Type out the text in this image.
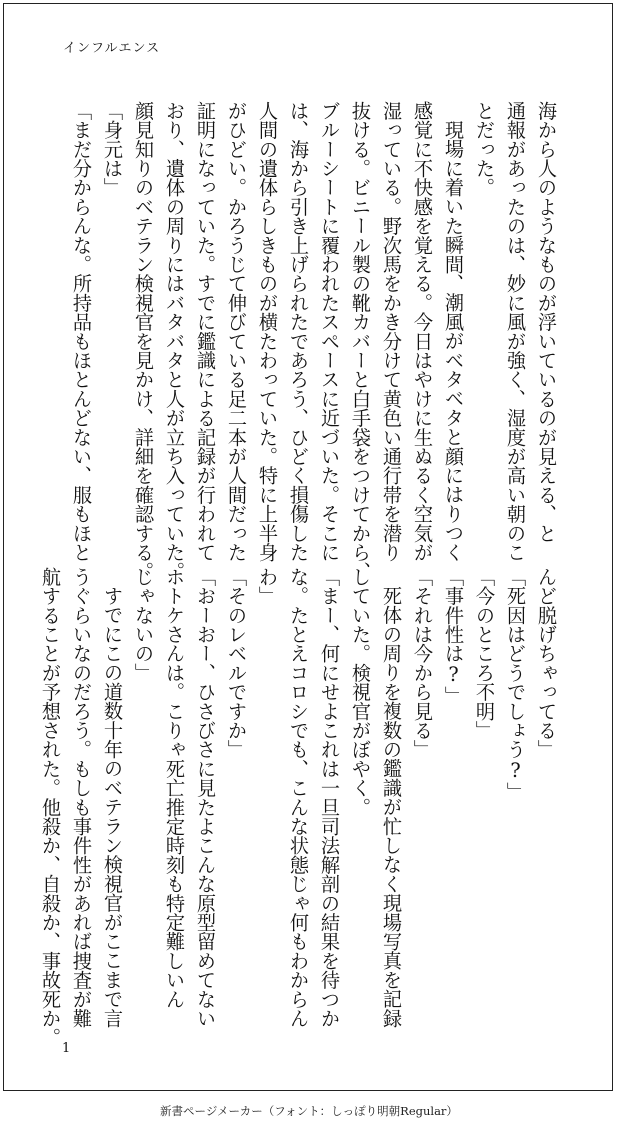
インフルエンス
海から人のようなものが浮いているのが見える、と
通報があったのは、妙に風が強く、湿度が高い朝のこ
とだった。
現場に着いた瞬間、潮風がベタベタと顔にはりつく
感覚に不快感を覚える。今日はやけに生ぬるく空気が
湿っている。野次馬をかき分けて黄色い通行帯を潜り
抜ける。ビニール製の靴カバーと白手袋をつけてから、
ブルーシートに覆われたスペースに近づいた。そこに
は、海から引き上げられたであろう、ひどく損傷した
人間の遺体らしきものが横たわっていた。特に上半身
がひどい。かろうじて伸びている足二本が人間だった
証明になっていた。すでに鑑識による記録が行われて
おり、遺体の周りにはバタバタと人が立ち入っていた。
顔見知りのベテラン検視官を見かけ、詳細を確認する。
「身元は」
「まだ分からんな。所持品もほとんどない、服もほと
んど脱げちゃってる」
「死因はどうでしょう?」
「今のところ不明」
「事件性は?」
「それは今から見る」
死体の周りを複数の鑑識が忙しなく現場写真を記録
していた。検視官がぼやく。
「まー、何にせよこれは一旦司法解剖の結果を待つか
な。たとえコロシでも、こんな状態じゃ何もわからん
わ」
「そのレベルですか」
「おーおー、ひさびさに見たよこんな原型留めてない
ホトケさんは。こりゃ死亡推定時刻も特定難しいん
じゃないの」
すでにこの道数十年のベテラン検視官がここまで言
うぐらいなのだろう。もしも事件性があれば捜査が難
航することが予想された。他殺か、自殺か、事故死か。
1
新書ページメーカー（フォント：しっぽり明朝Regular）
